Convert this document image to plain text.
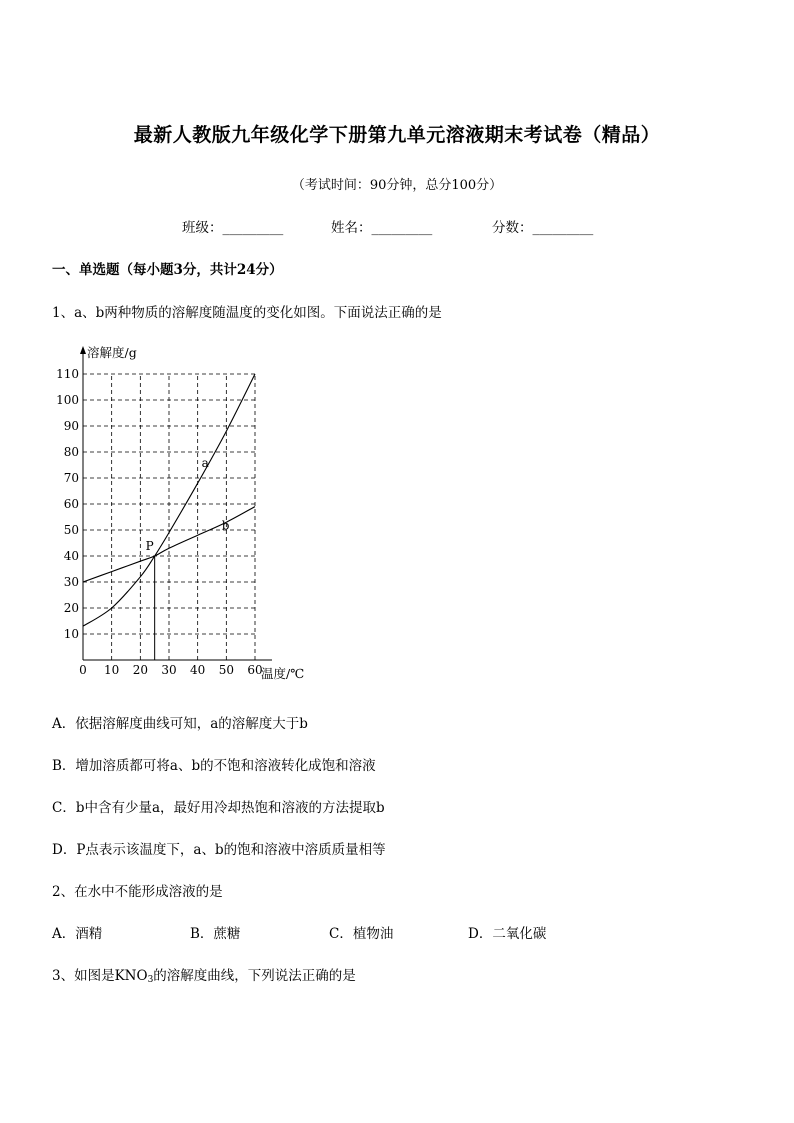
最新人教版九年级化学下册第九单元溶液期末考试卷（精品）
（考试时间：90分钟，总分100分）
班级：_________	姓名：_________	分数：_________
一、单选题（每小题3分，共计24分）
1、a、b两种物质的溶解度随温度的变化如图。下面说法正确的是
10
20
30
40
50
60
70
80
90
100
110
0 10 20 30 40 50 60
a
b
P
溶解度/g
温度/℃
A．依据溶解度曲线可知，a的溶解度大于b
B．增加溶质都可将a、b的不饱和溶液转化成饱和溶液
C．b中含有少量a，最好用冷却热饱和溶液的方法提取b
D．P点表示该温度下，a、b的饱和溶液中溶质质量相等
2、在水中不能形成溶液的是
A．酒精	B．蔗糖	C．植物油	D．二氧化碳
3、如图是$KNO_3$的溶解度曲线，下列说法正确的是
